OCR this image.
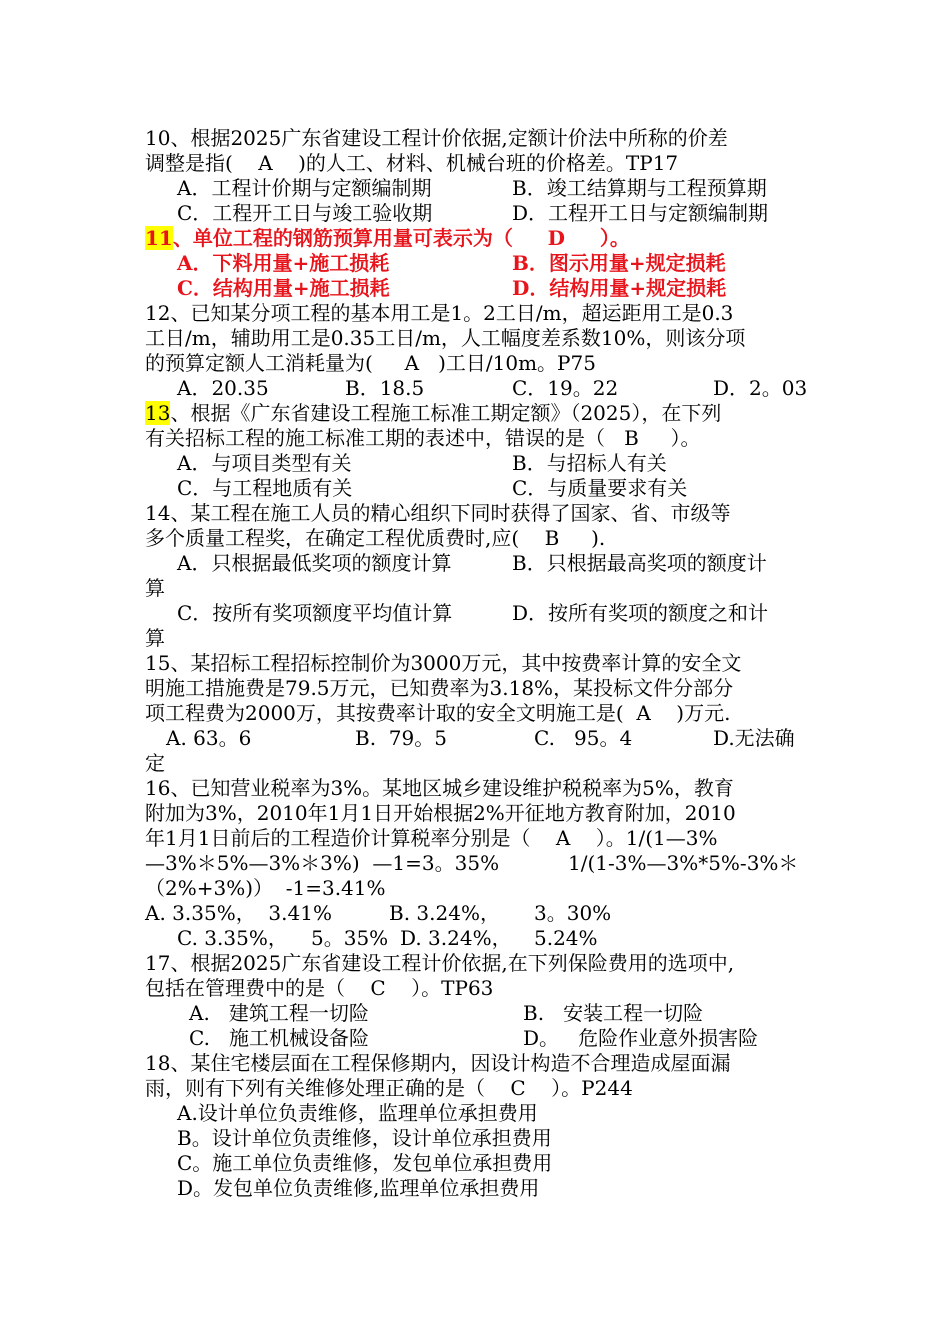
10、根据2025广东省建设工程计价依据,定额计价法中所称的价差
调整是指(    A    )的人工、材料、机械台班的价格差。TP17
A．工程计价期与定额编制期	B．竣工结算期与工程预算期
C．工程开工日与竣工验收期	D．工程开工日与定额编制期
11、单位工程的钢筋预算用量可表示为（     D     ）。
A．下料用量+施工损耗	B．图示用量+规定损耗
C．结构用量+施工损耗	D．结构用量+规定损耗
12、已知某分项工程的基本用工是1。2工日/m，超运距用工是0.3
工日/m，辅助用工是0.35工日/m，人工幅度差系数10%，则该分项
的预算定额人工消耗量为(     A   )工日/10m。P75
A．20.35	B．18.5	C．19。22	D．2。03
13、根据《广东省建设工程施工标准工期定额》（2025），在下列
有关招标工程的施工标准工期的表述中，错误的是（   B     ）。
A．与项目类型有关	B．与招标人有关
C．与工程地质有关	C．与质量要求有关
14、某工程在施工人员的精心组织下同时获得了国家、省、市级等
多个质量工程奖，在确定工程优质费时,应(    B     ).
A．只根据最低奖项的额度计算	B．只根据最高奖项的额度计
算
C．按所有奖项额度平均值计算	D．按所有奖项的额度之和计
算
15、某招标工程招标控制价为3000万元，其中按费率计算的安全文
明施工措施费是79.5万元，已知费率为3.18%，某投标文件分部分
项工程费为2000万，其按费率计取的安全文明施工是(  A    )万元.
A. 63。6	B.  79。5	C.   95。4	D.无法确
定
16、已知营业税率为3%。某地区城乡建设维护税税率为5%，教育
附加为3%，2010年1月1日开始根据2%开征地方教育附加，2010
年1月1日前后的工程造价计算税率分别是（    A    ）。1/(1—3%
—3%＊5%—3%＊3%)  —1=3。35%	1/(1-3%—3%*5%-3%＊
（2%+3%)）  -1=3.41%
A. 3.35%，  3.41%	B. 3.24%， 3。30%
C. 3.35%， 5。35% D. 3.24%， 5.24%
17、根据2025广东省建设工程计价依据,在下列保险费用的选项中,
包括在管理费中的是（    C    ）。TP63
A.   建筑工程一切险	B.   安装工程一切险
C.   施工机械设备险	D。   危险作业意外损害险
18、某住宅楼层面在工程保修期内，因设计构造不合理造成屋面漏
雨，则有下列有关维修处理正确的是（    C    ）。P244
A.设计单位负责维修，监理单位承担费用
B。设计单位负责维修，设计单位承担费用
C。施工单位负责维修，发包单位承担费用
D。发包单位负责维修,监理单位承担费用
